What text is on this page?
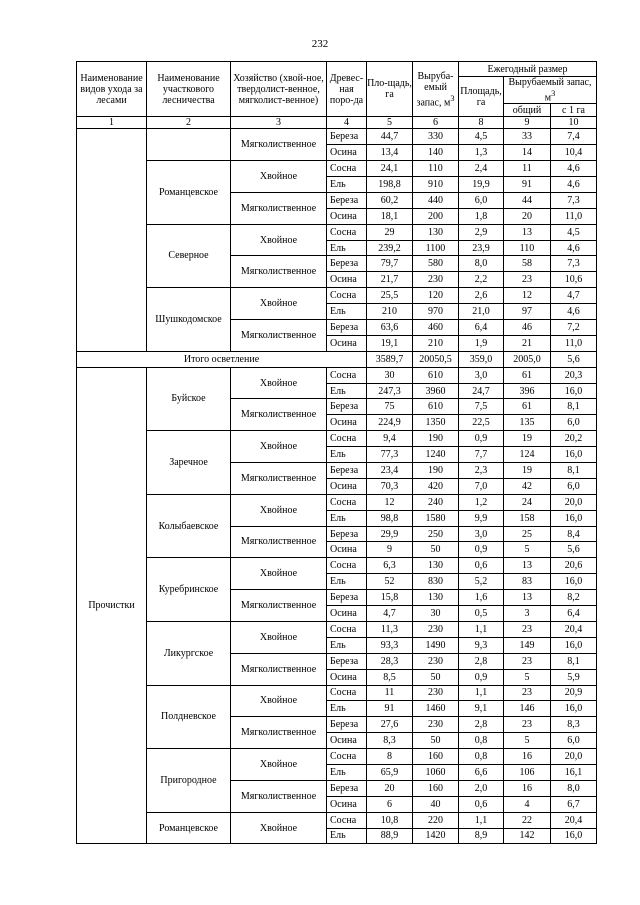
232
Наименование видов ухода за лесами	Наименование участкового лесничества	Хозяйство (хвой-ное, твердолист-венное, мягколист-венное)	Древес-ная поро-да	Пло-щадь, га	Выруба-емый запас, $м^3$	Ежегодный размер		
						Площадь, га	Вырубаемый запас, $м^3$
							общий	с 1 га
1	2	3	4	5	6	8	9	10
		Мягколиственное	Береза	44,7	330	4,5	33	7,4
			Осина	13,4	140	1,3	14	10,4
	Романцевское	Хвойное	Сосна	24,1	110	2,4	11	4,6
			Ель	198,8	910	19,9	91	4,6
		Мягколиственное	Береза	60,2	440	6,0	44	7,3
			Осина	18,1	200	1,8	20	11,0
	Северное	Хвойное	Сосна	29	130	2,9	13	4,5
			Ель	239,2	1100	23,9	110	4,6
		Мягколиственное	Береза	79,7	580	8,0	58	7,3
			Осина	21,7	230	2,2	23	10,6
	Шушкодомское	Хвойное	Сосна	25,5	120	2,6	12	4,7
			Ель	210	970	21,0	97	4,6
		Мягколиственное	Береза	63,6	460	6,4	46	7,2
			Осина	19,1	210	1,9	21	11,0
Итого осветление				3589,7	20050,5	359,0	2005,0	5,6
Прочистки	Буйское	Хвойное	Сосна	30	610	3,0	61	20,3
			Ель	247,3	3960	24,7	396	16,0
		Мягколиственное	Береза	75	610	7,5	61	8,1
			Осина	224,9	1350	22,5	135	6,0
	Заречное	Хвойное	Сосна	9,4	190	0,9	19	20,2
			Ель	77,3	1240	7,7	124	16,0
		Мягколиственное	Береза	23,4	190	2,3	19	8,1
			Осина	70,3	420	7,0	42	6,0
	Колыбаевское	Хвойное	Сосна	12	240	1,2	24	20,0
			Ель	98,8	1580	9,9	158	16,0
		Мягколиственное	Береза	29,9	250	3,0	25	8,4
			Осина	9	50	0,9	5	5,6
	Куребринское	Хвойное	Сосна	6,3	130	0,6	13	20,6
			Ель	52	830	5,2	83	16,0
		Мягколиственное	Береза	15,8	130	1,6	13	8,2
			Осина	4,7	30	0,5	3	6,4
	Ликургское	Хвойное	Сосна	11,3	230	1,1	23	20,4
			Ель	93,3	1490	9,3	149	16,0
		Мягколиственное	Береза	28,3	230	2,8	23	8,1
			Осина	8,5	50	0,9	5	5,9
	Полдневское	Хвойное	Сосна	11	230	1,1	23	20,9
			Ель	91	1460	9,1	146	16,0
		Мягколиственное	Береза	27,6	230	2,8	23	8,3
			Осина	8,3	50	0,8	5	6,0
	Пригородное	Хвойное	Сосна	8	160	0,8	16	20,0
			Ель	65,9	1060	6,6	106	16,1
		Мягколиственное	Береза	20	160	2,0	16	8,0
			Осина	6	40	0,6	4	6,7
	Романцевское	Хвойное	Сосна	10,8	220	1,1	22	20,4
			Ель	88,9	1420	8,9	142	16,0
